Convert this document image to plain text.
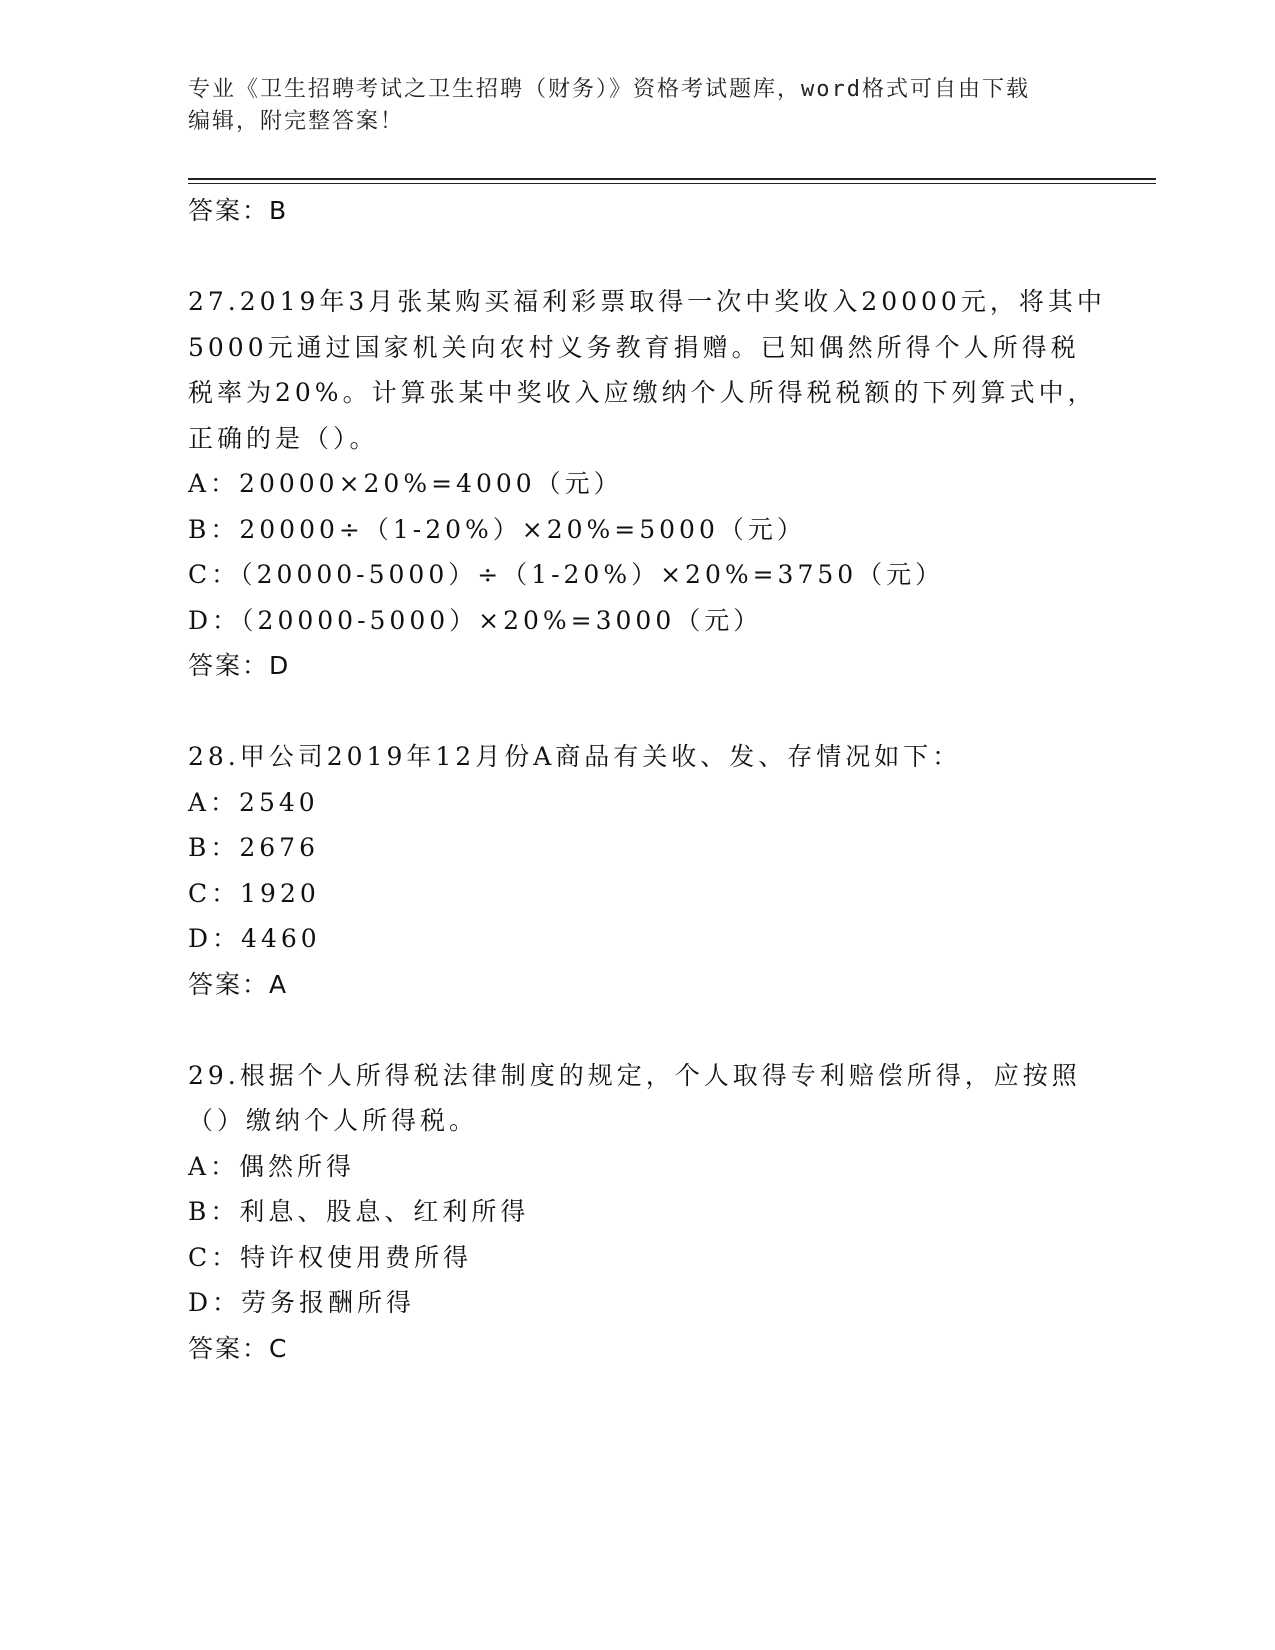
专业《卫生招聘考试之卫生招聘（财务）》资格考试题库，word格式可自由下载
编辑，附完整答案！
答案：B
27.2019年3月张某购买福利彩票取得一次中奖收入20000元，将其中
5000元通过国家机关向农村义务教育捐赠。已知偶然所得个人所得税
税率为20%。计算张某中奖收入应缴纳个人所得税税额的下列算式中，
正确的是（）。
A：20000×20%=4000（元）
B：20000÷（1-20%）×20%=5000（元）
C：（20000-5000）÷（1-20%）×20%=3750（元）
D：（20000-5000）×20%=3000（元）
答案：D
28.甲公司2019年12月份A商品有关收、发、存情况如下：
A：2540
B：2676
C：1920
D：4460
答案：A
29.根据个人所得税法律制度的规定，个人取得专利赔偿所得，应按照
（）缴纳个人所得税。
A：偶然所得
B：利息、股息、红利所得
C：特许权使用费所得
D：劳务报酬所得
答案：C
